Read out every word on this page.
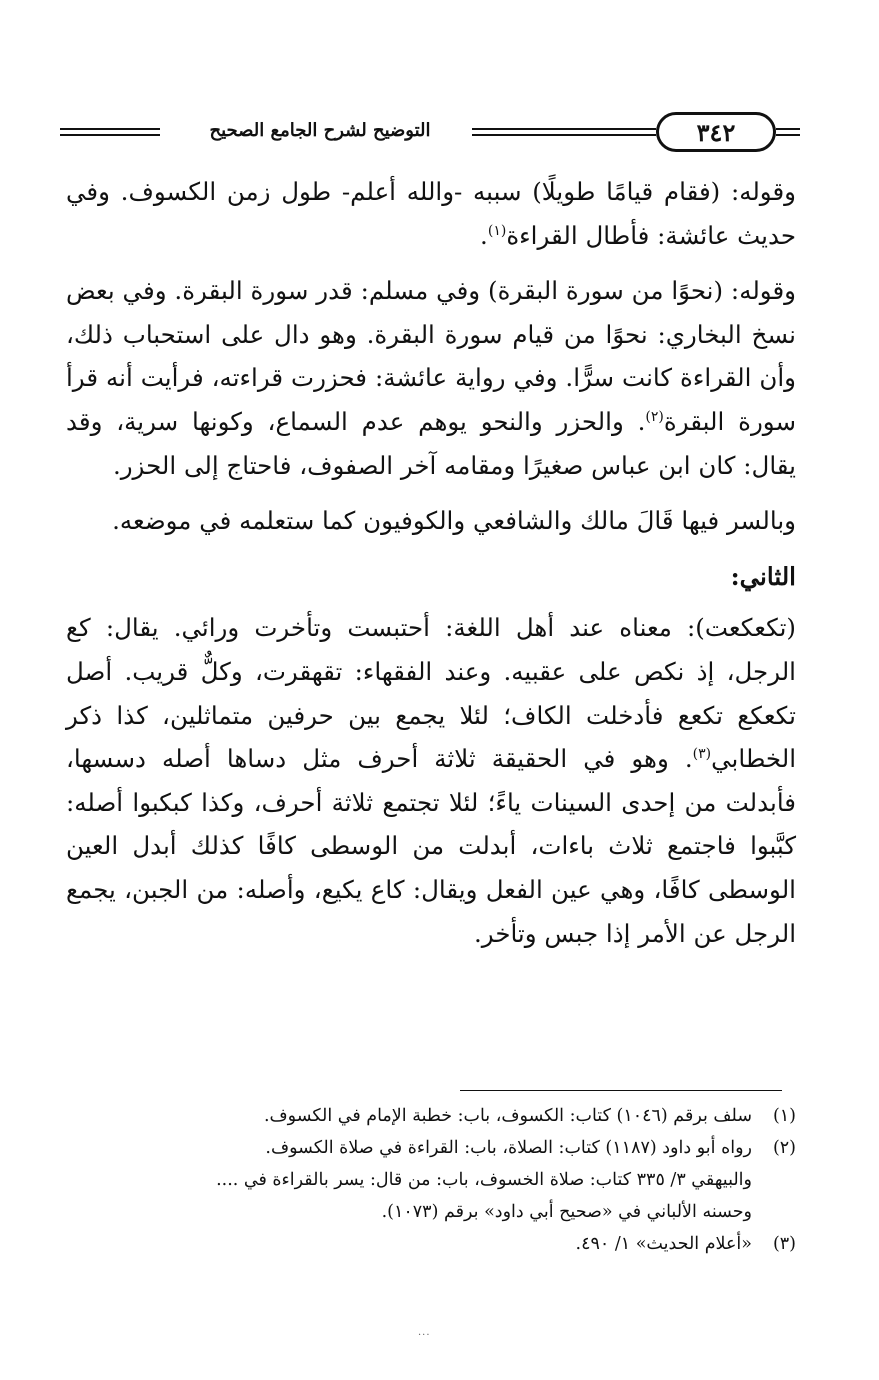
التوضيح لشرح الجامع الصحيح	٣٤٢

وقوله: (فقام قيامًا طويلًا) سببه -والله أعلم- طول زمن الكسوف. وفي حديث عائشة: فأطال القراءة$^{(١)}$.

وقوله: (نحوًا من سورة البقرة) وفي مسلم: قدر سورة البقرة. وفي بعض نسخ البخاري: نحوًا من قيام سورة البقرة. وهو دال على استحباب ذلك، وأن القراءة كانت سرًّا. وفي رواية عائشة: فحزرت قراءته، فرأيت أنه قرأ سورة البقرة$^{(٢)}$. والحزر والنحو يوهم عدم السماع، وكونها سرية، وقد يقال: كان ابن عباس صغيرًا ومقامه آخر الصفوف، فاحتاج إلى الحزر.

وبالسر فيها قَالَ مالك والشافعي والكوفيون كما ستعلمه في موضعه.

الثاني:

(تكعكعت): معناه عند أهل اللغة: أحتبست وتأخرت ورائي. يقال: كع الرجل، إذ نكص على عقبيه. وعند الفقهاء: تقهقرت، وكلٌّ قريب. أصل تكعكع تكعع فأدخلت الكاف؛ لئلا يجمع بين حرفين متماثلين، كذا ذكر الخطابي$^{(٣)}$. وهو في الحقيقة ثلاثة أحرف مثل دساها أصله دسسها، فأبدلت من إحدى السينات ياءً؛ لئلا تجتمع ثلاثة أحرف، وكذا كبكبوا أصله: كبَّبوا فاجتمع ثلاث باءات، أبدلت من الوسطى كافًا كذلك أبدل العين الوسطى كافًا، وهي عين الفعل ويقال: كاع يكيع، وأصله: من الجبن، يجمع الرجل عن الأمر إذا جبس وتأخر.

(١)
سلف برقم (١٠٤٦) كتاب: الكسوف، باب: خطبة الإمام في الكسوف.
(٢)
رواه أبو داود (١١٨٧) كتاب: الصلاة، باب: القراءة في صلاة الكسوف.
والبيهقي ٣/ ٣٣٥ كتاب: صلاة الخسوف، باب: من قال: يسر بالقراءة في ....
وحسنه الألباني في «صحيح أبي داود» برقم (١٠٧٣).
(٣)
«أعلام الحديث» ١/ ٤٩٠.
···
